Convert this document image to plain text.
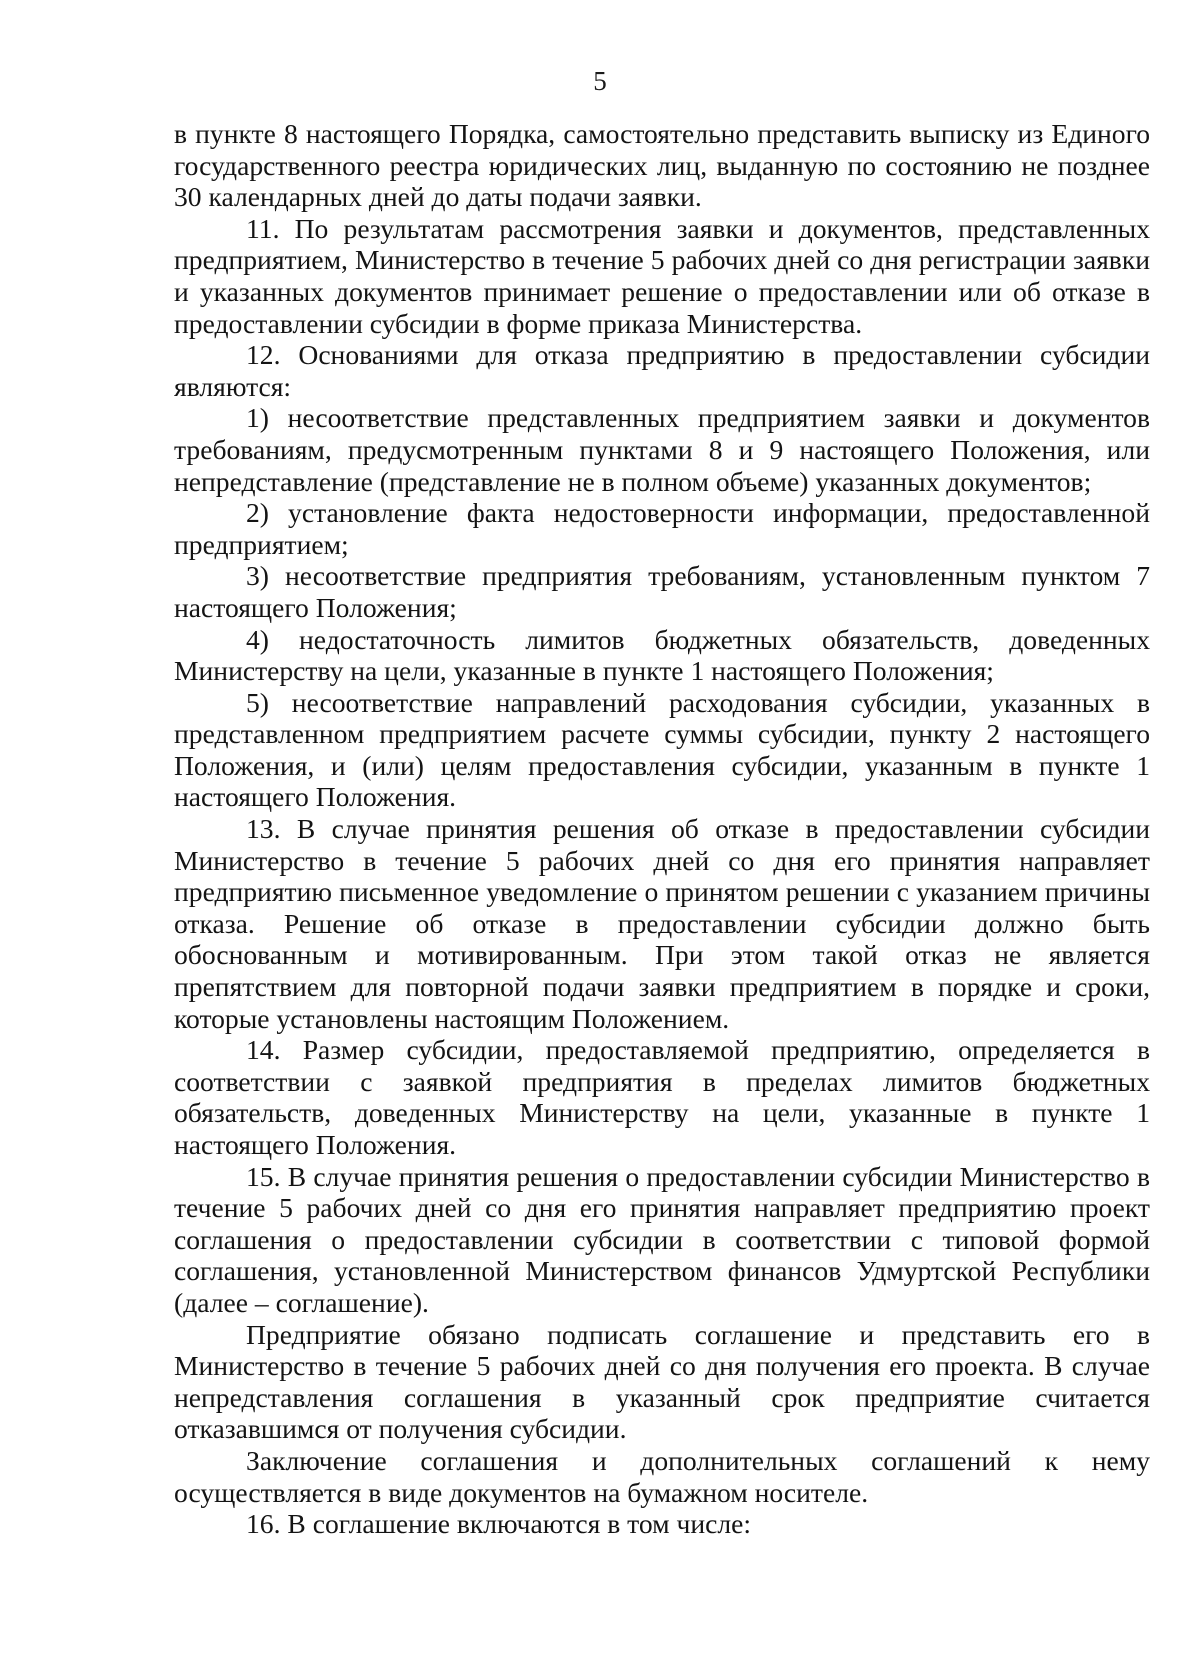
5

в пункте 8 настоящего Порядка, самостоятельно представить выписку из Единого государственного реестра юридических лиц, выданную по состоянию не позднее 30 календарных дней до даты подачи заявки.

11. По результатам рассмотрения заявки и документов, представленных предприятием, Министерство в течение 5 рабочих дней со дня регистрации заявки и указанных документов принимает решение о предоставлении или об отказе в предоставлении субсидии в форме приказа Министерства.

12. Основаниями для отказа предприятию в предоставлении субсидии являются:

1) несоответствие представленных предприятием заявки и документов требованиям, предусмотренным пунктами 8 и 9 настоящего Положения, или непредставление (представление не в полном объеме) указанных документов;

2) установление факта недостоверности информации, предоставленной предприятием;

3) несоответствие предприятия требованиям, установленным пунктом 7 настоящего Положения;

4) недостаточность лимитов бюджетных обязательств, доведенных Министерству на цели, указанные в пункте 1 настоящего Положения;

5) несоответствие направлений расходования субсидии, указанных в представленном предприятием расчете суммы субсидии, пункту 2 настоящего Положения, и (или) целям предоставления субсидии, указанным в пункте 1 настоящего Положения.

13. В случае принятия решения об отказе в предоставлении субсидии Министерство в течение 5 рабочих дней со дня его принятия направляет предприятию письменное уведомление о принятом решении с указанием причины отказа. Решение об отказе в предоставлении субсидии должно быть обоснованным и мотивированным. При этом такой отказ не является препятствием для повторной подачи заявки предприятием в порядке и сроки, которые установлены настоящим Положением.

14. Размер субсидии, предоставляемой предприятию, определяется в соответствии с заявкой предприятия в пределах лимитов бюджетных обязательств, доведенных Министерству на цели, указанные в пункте 1 настоящего Положения.

15. В случае принятия решения о предоставлении субсидии Министерство в течение 5 рабочих дней со дня его принятия направляет предприятию проект соглашения о предоставлении субсидии в соответствии с типовой формой соглашения, установленной Министерством финансов Удмуртской Республики (далее – соглашение).

Предприятие обязано подписать соглашение и представить его в Министерство в течение 5 рабочих дней со дня получения его проекта. В случае непредставления соглашения в указанный срок предприятие считается отказавшимся от получения субсидии.

Заключение соглашения и дополнительных соглашений к нему осуществляется в виде документов на бумажном носителе.

16. В соглашение включаются в том числе:
